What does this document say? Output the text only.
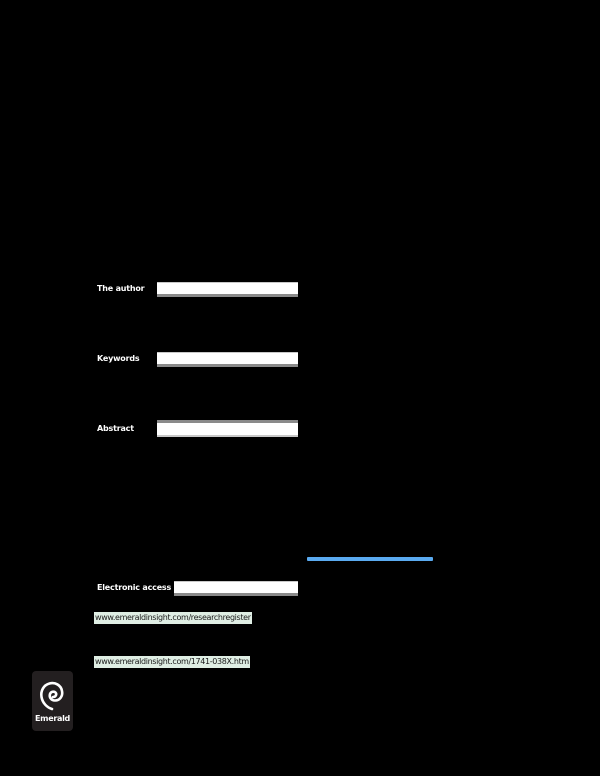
The author
Keywords
Abstract
Electronic access
www.emeraldinsight.com/researchregister
www.emeraldinsight.com/1741-038X.htm
Emerald
